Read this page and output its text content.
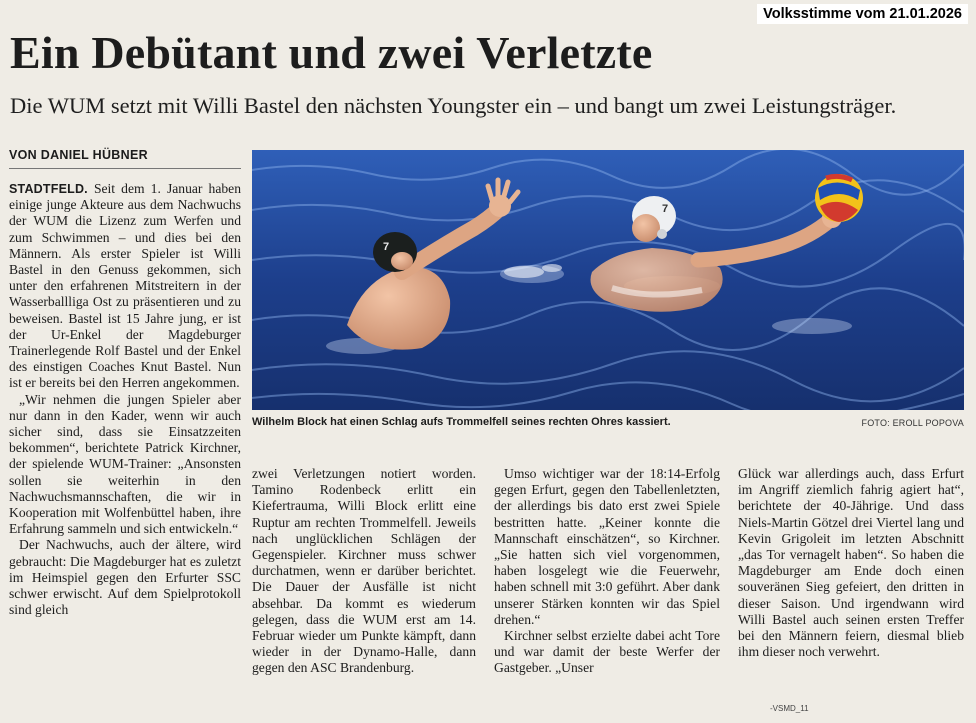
Volksstimme vom 21.01.2026
Ein Debütant und zwei Verletzte
Die WUM setzt mit Willi Bastel den nächsten Youngster ein – und bangt um zwei Leistungsträger.
VON DANIEL HÜBNER
7
7
Wilhelm Block hat einen Schlag aufs Trommelfell seines rechten Ohres kassiert.	FOTO: EROLL POPOVA

STADTFELD. Seit dem 1. Januar haben einige junge Akteure aus dem Nachwuchs der WUM die Lizenz zum Werfen und zum Schwimmen – und dies bei den Männern. Als erster Spieler ist Willi Bastel in den Genuss gekommen, sich unter den erfahrenen Mitstreitern in der Wasserballliga Ost zu präsentieren und zu beweisen. Bastel ist 15 Jahre jung, er ist der Ur-Enkel der Magdeburger Trainerlegende Rolf Bastel und der Enkel des einstigen Coaches Knut Bastel. Nun ist er bereits bei den Herren angekommen.

„Wir nehmen die jungen Spieler aber nur dann in den Kader, wenn wir auch sicher sind, dass sie Einsatzzeiten bekommen“, berichtete Patrick Kirchner, der spielende WUM-Trainer: „Ansonsten sollen sie weiterhin in den Nachwuchsmannschaften, die wir in Kooperation mit Wolfenbüttel haben, ihre Erfahrung sammeln und sich entwickeln.“

Der Nachwuchs, auch der ältere, wird gebraucht: Die Magdeburger hat es zuletzt im Heimspiel gegen den Erfurter SSC schwer erwischt. Auf dem Spielprotokoll sind gleich

zwei Verletzungen notiert worden. Tamino Rodenbeck erlitt ein Kiefertrauma, Willi Block erlitt eine Ruptur am rechten Trommelfell. Jeweils nach unglücklichen Schlägen der Gegenspieler. Kirchner muss schwer durchatmen, wenn er darüber berichtet. Die Dauer der Ausfälle ist nicht absehbar. Da kommt es wiederum gelegen, dass die WUM erst am 14. Februar wieder um Punkte kämpft, dann wieder in der Dynamo-Halle, dann gegen den ASC Brandenburg.

Umso wichtiger war der 18:14-Erfolg gegen Erfurt, gegen den Tabellenletzten, der allerdings bis dato erst zwei Spiele bestritten hatte. „Keiner konnte die Mannschaft einschätzen“, so Kirchner. „Sie hatten sich viel vorgenommen, haben losgelegt wie die Feuerwehr, haben schnell mit 3:0 geführt. Aber dank unserer Stärken konnten wir das Spiel drehen.“

Kirchner selbst erzielte dabei acht Tore und war damit der beste Werfer der Gastgeber. „Unser

Glück war allerdings auch, dass Erfurt im Angriff ziemlich fahrig agiert hat“, berichtete der 40-Jährige. Und dass Niels-Martin Götzel drei Viertel lang und Kevin Grigoleit im letzten Abschnitt „das Tor vernagelt haben“. So haben die Magdeburger am Ende doch einen souveränen Sieg gefeiert, den dritten in dieser Saison. Und irgendwann wird Willi Bastel auch seinen ersten Treffer bei den Männern feiern, diesmal blieb ihm dieser noch verwehrt.

-VSMD_11
